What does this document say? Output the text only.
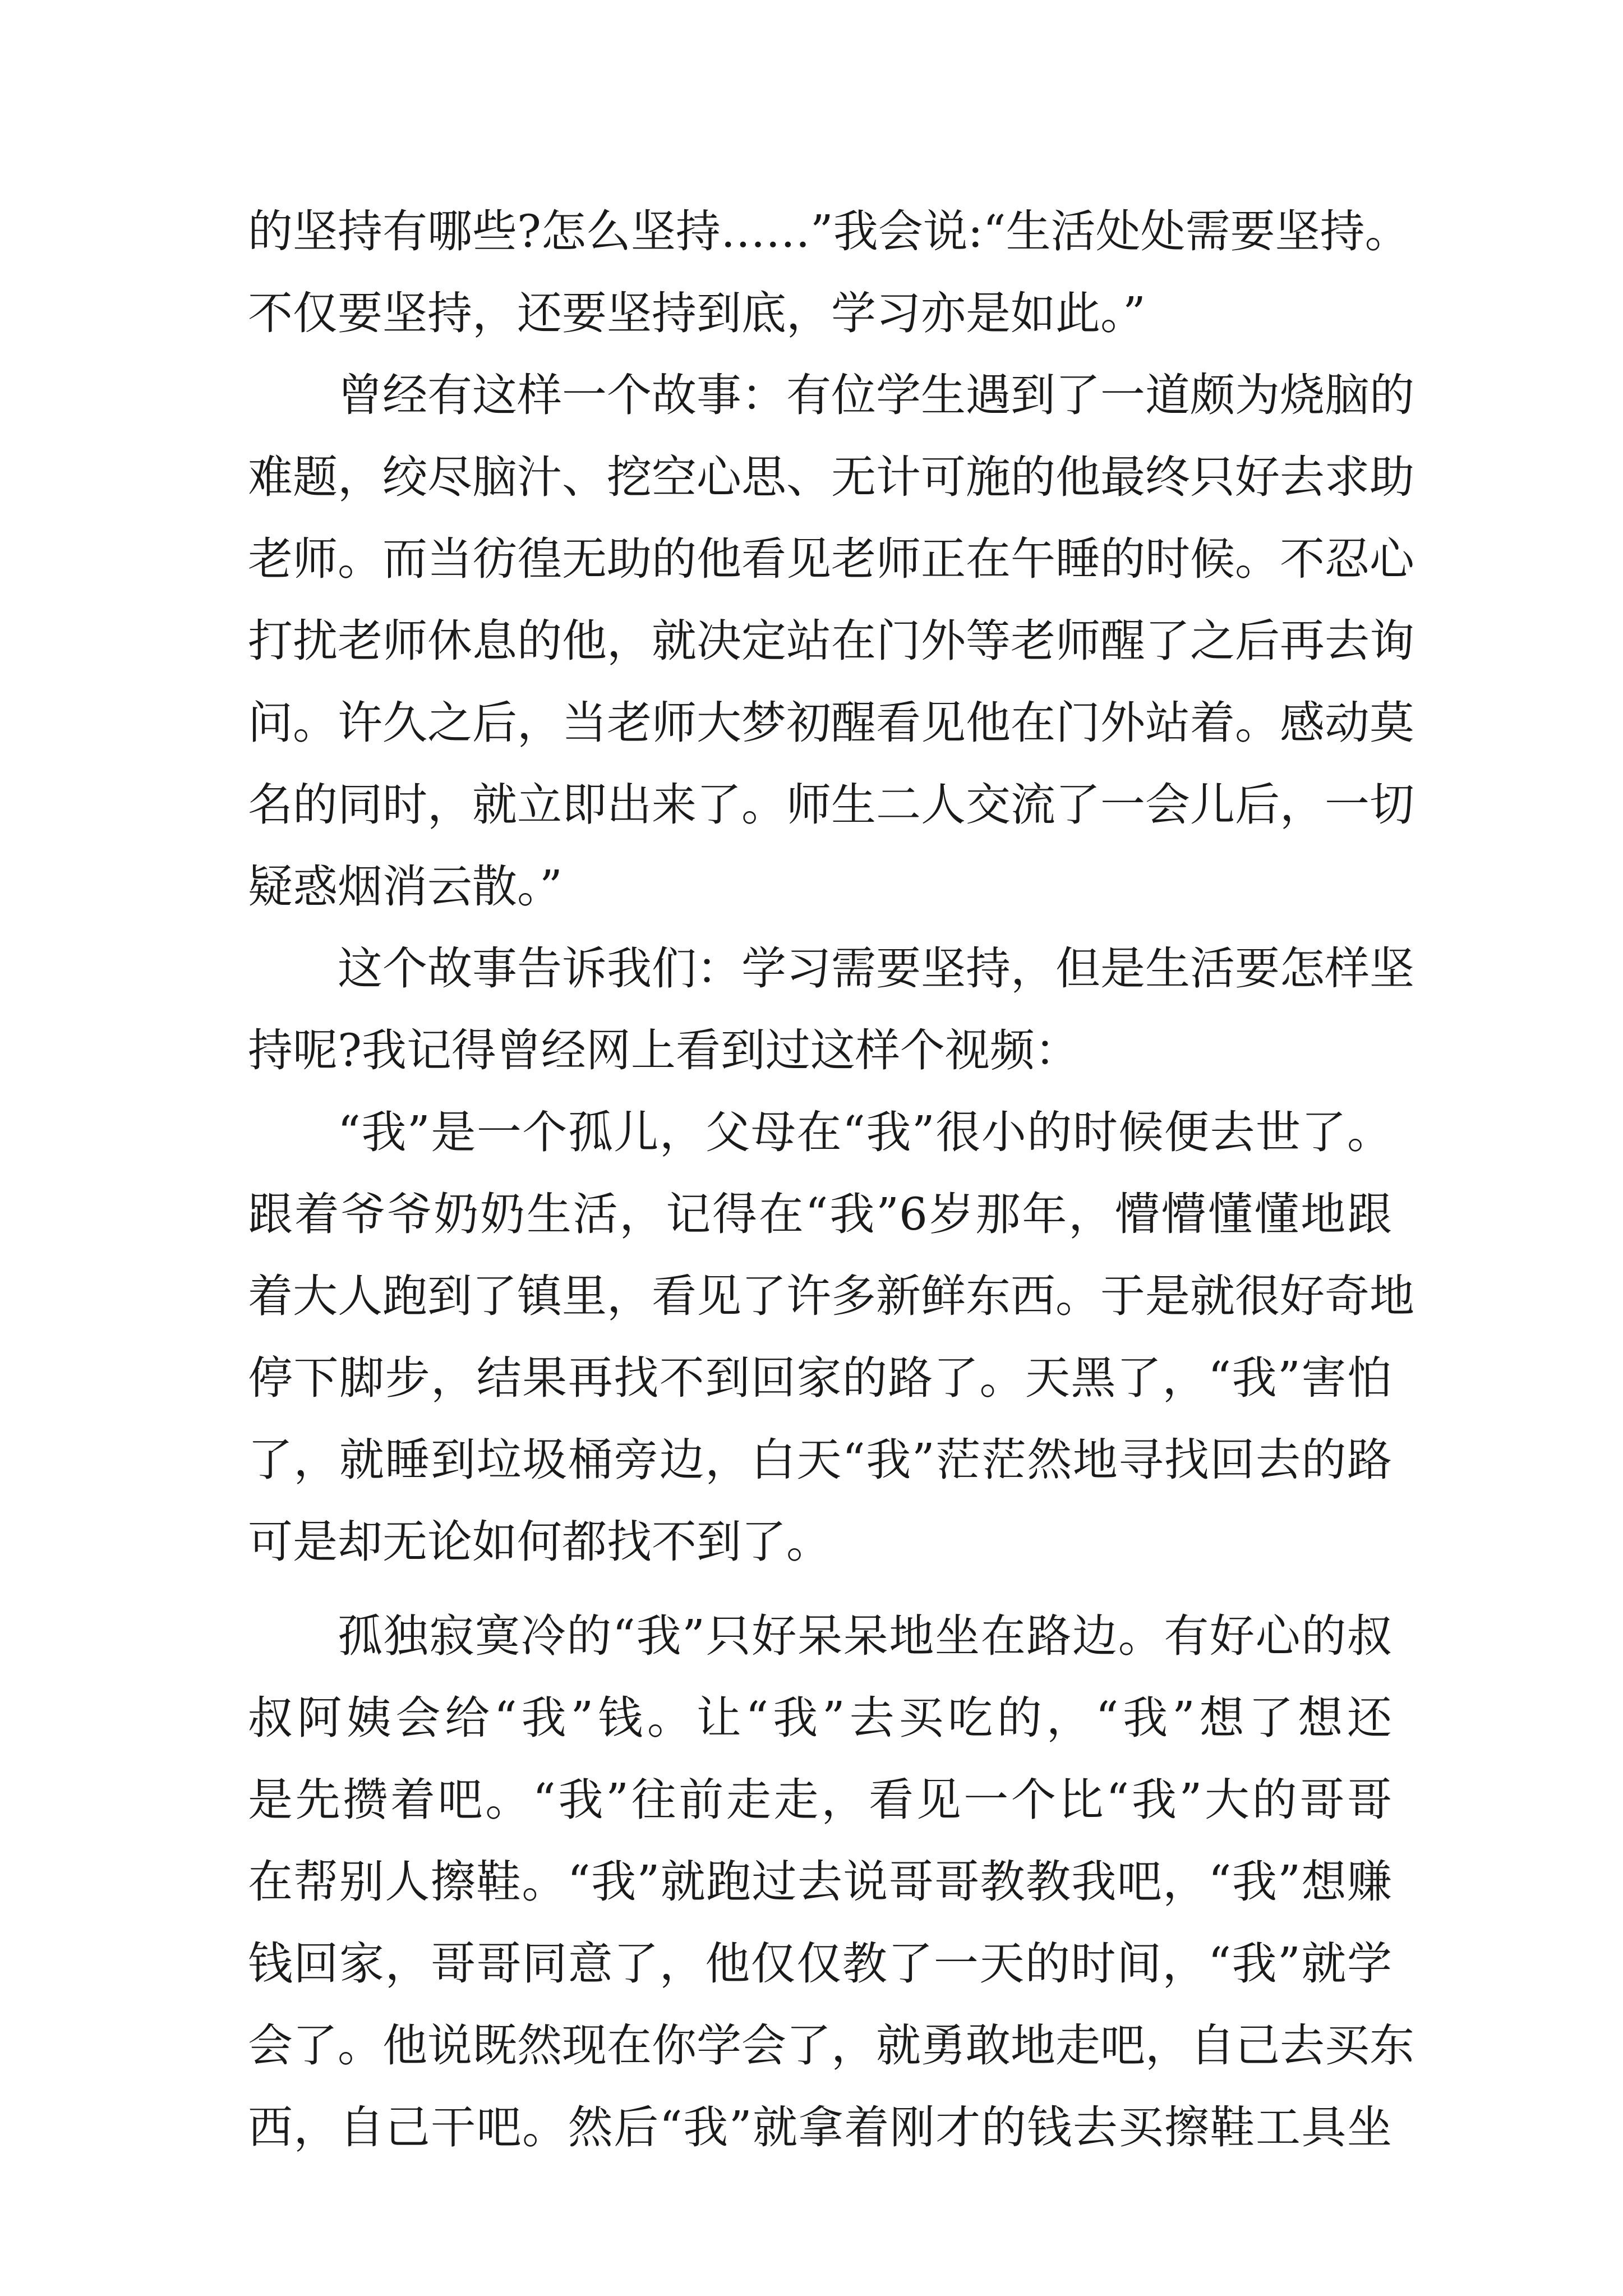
的坚持有哪些?怎么坚持……”我会说:“生活处处需要坚持。
不仅要坚持，还要坚持到底，学习亦是如此。”
曾经有这样一个故事：有位学生遇到了一道颇为烧脑的
难题，绞尽脑汁、挖空心思、无计可施的他最终只好去求助
老师。而当彷徨无助的他看见老师正在午睡的时候。不忍心
打扰老师休息的他，就决定站在门外等老师醒了之后再去询
问。许久之后，当老师大梦初醒看见他在门外站着。感动莫
名的同时，就立即出来了。师生二人交流了一会儿后，一切
疑惑烟消云散。”
这个故事告诉我们：学习需要坚持，但是生活要怎样坚
持呢?我记得曾经网上看到过这样个视频：
“我”是一个孤儿，父母在“我”很小的时候便去世了。
跟着爷爷奶奶生活，记得在“我”6岁那年，懵懵懂懂地跟
着大人跑到了镇里，看见了许多新鲜东西。于是就很好奇地
停下脚步，结果再找不到回家的路了。天黑了，“我”害怕
了，就睡到垃圾桶旁边，白天“我”茫茫然地寻找回去的路
可是却无论如何都找不到了。
孤独寂寞冷的“我”只好呆呆地坐在路边。有好心的叔
叔阿姨会给“我”钱。让“我”去买吃的，“我”想了想还
是先攒着吧。“我”往前走走，看见一个比“我”大的哥哥
在帮别人擦鞋。“我”就跑过去说哥哥教教我吧，“我”想赚
钱回家，哥哥同意了，他仅仅教了一天的时间，“我”就学
会了。他说既然现在你学会了，就勇敢地走吧，自己去买东
西，自己干吧。然后“我”就拿着刚才的钱去买擦鞋工具坐
